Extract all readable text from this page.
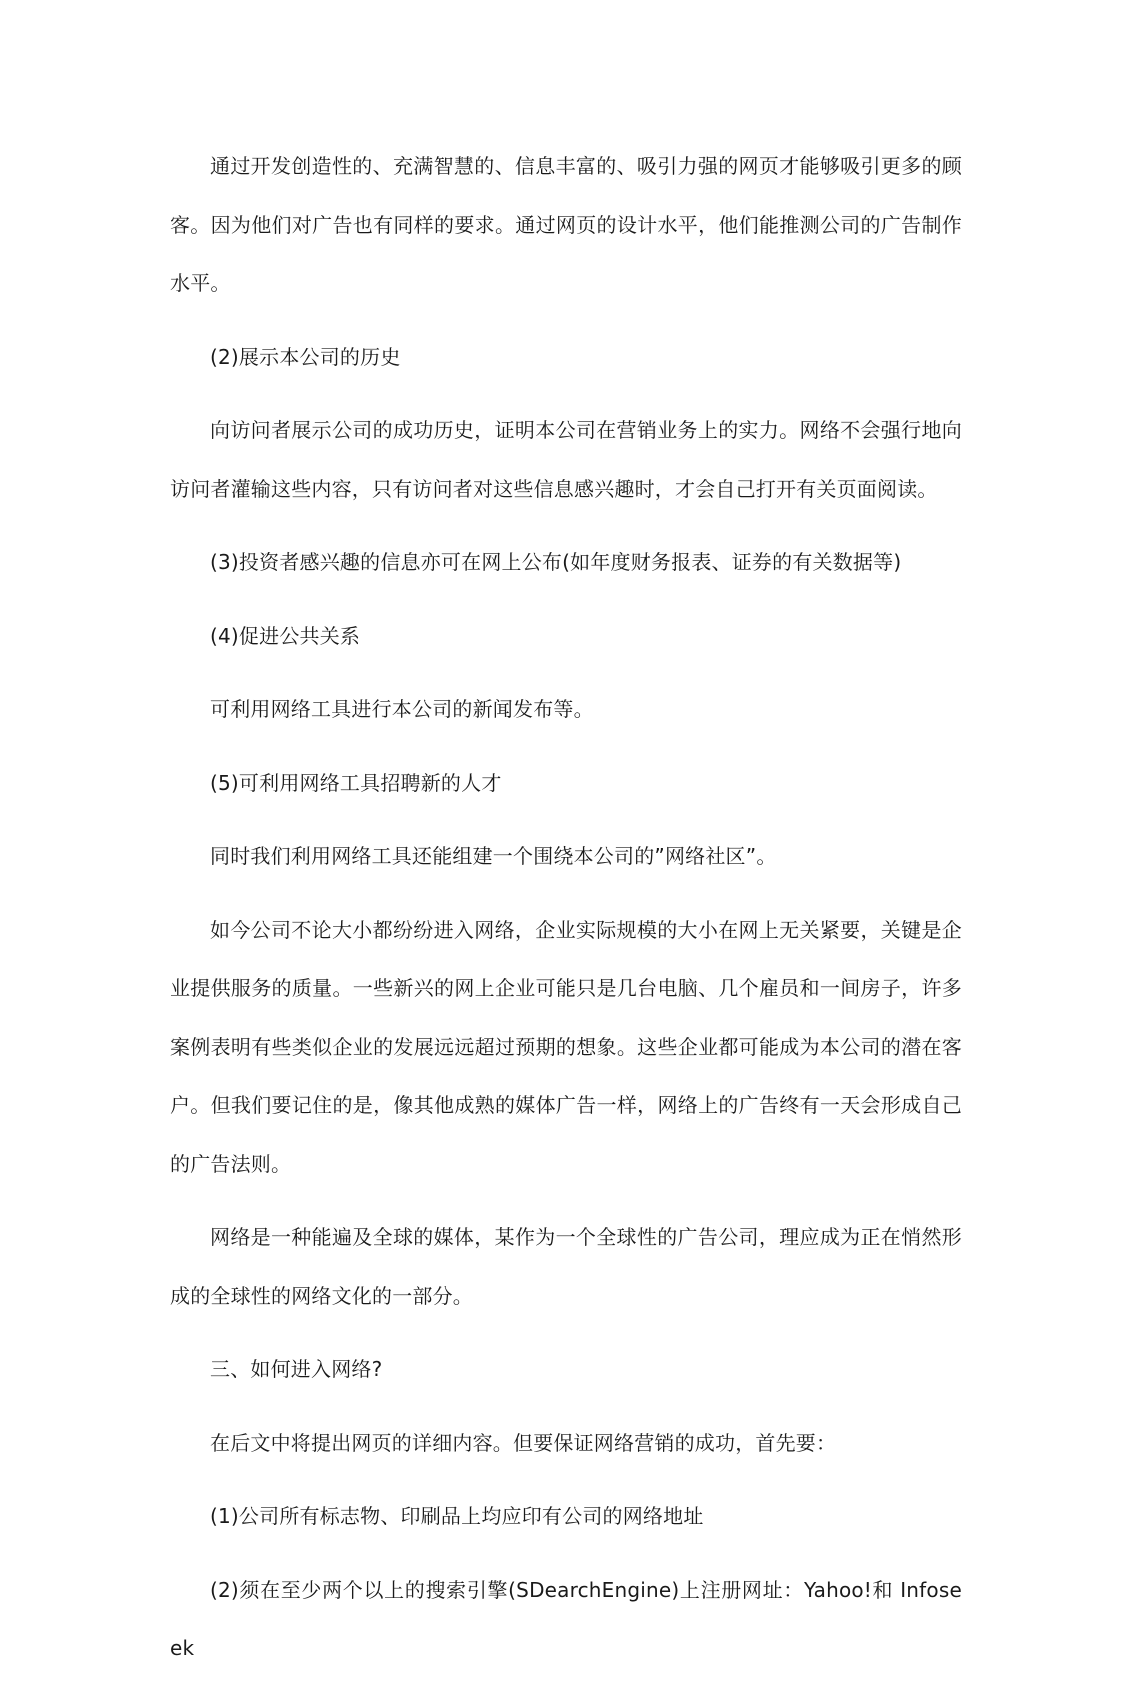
通过开发创造性的、充满智慧的、信息丰富的、吸引力强的网页才能够吸引更多的顾客。因为他们对广告也有同样的要求。通过网页的设计水平，他们能推测公司的广告制作水平。

(2)展示本公司的历史

向访问者展示公司的成功历史，证明本公司在营销业务上的实力。网络不会强行地向访问者灌输这些内容，只有访问者对这些信息感兴趣时，才会自己打开有关页面阅读。

(3)投资者感兴趣的信息亦可在网上公布(如年度财务报表、证券的有关数据等)

(4)促进公共关系

可利用网络工具进行本公司的新闻发布等。

(5)可利用网络工具招聘新的人才

同时我们利用网络工具还能组建一个围绕本公司的”网络社区”。

如今公司不论大小都纷纷进入网络，企业实际规模的大小在网上无关紧要，关键是企业提供服务的质量。一些新兴的网上企业可能只是几台电脑、几个雇员和一间房子，许多案例表明有些类似企业的发展远远超过预期的想象。这些企业都可能成为本公司的潜在客户。但我们要记住的是，像其他成熟的媒体广告一样，网络上的广告终有一天会形成自己的广告法则。

网络是一种能遍及全球的媒体，某作为一个全球性的广告公司，理应成为正在悄然形成的全球性的网络文化的一部分。

三、如何进入网络?

在后文中将提出网页的详细内容。但要保证网络营销的成功，首先要：

(1)公司所有标志物、印刷品上均应印有公司的网络地址

(2)须在至少两个以上的搜索引擎(SDearchEngine)上注册网址：Yahoo!和 Infoseek
